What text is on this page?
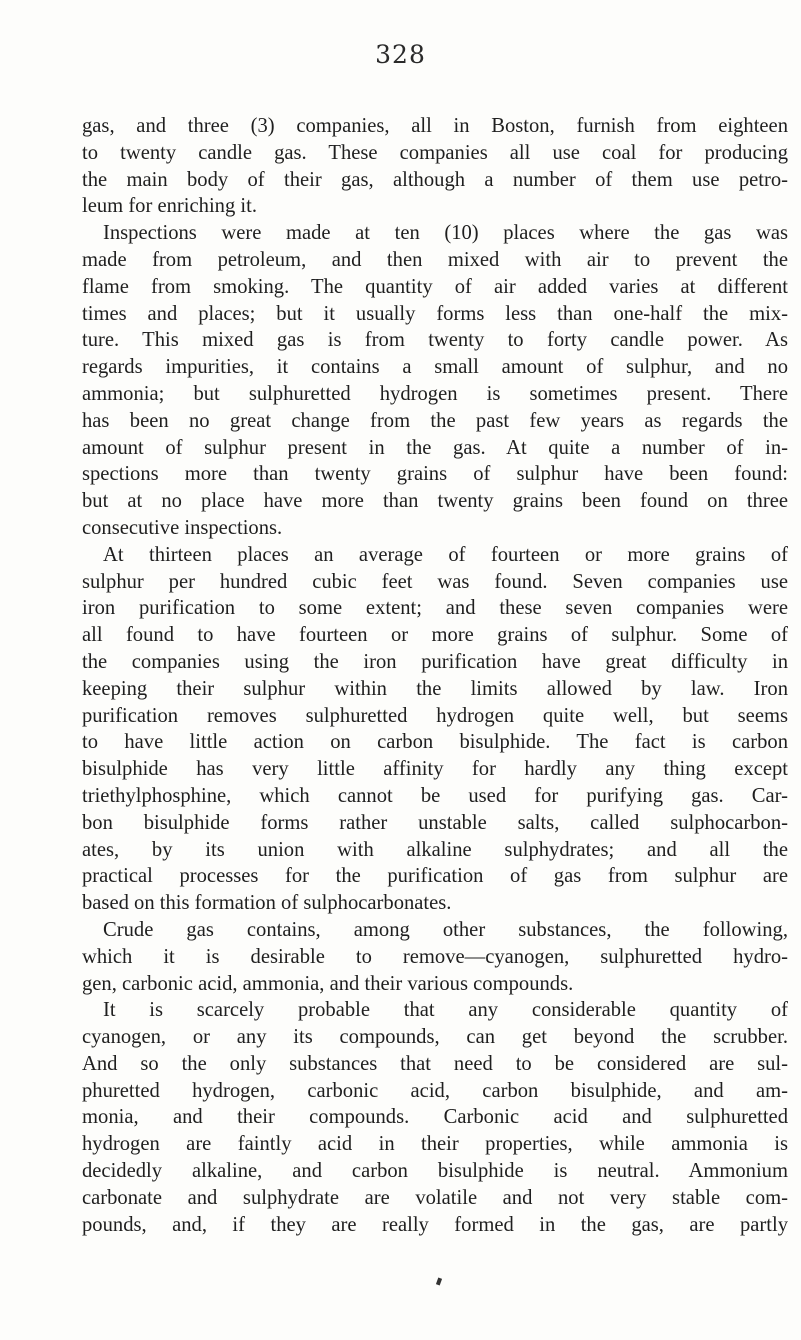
328
gas, and three (3) companies, all in Boston, furnish from eighteen
to twenty candle gas. These companies all use coal for producing
the main body of their gas, although a number of them use petro-
leum for enriching it.
Inspections were made at ten (10) places where the gas was
made from petroleum, and then mixed with air to prevent the
flame from smoking. The quantity of air added varies at different
times and places; but it usually forms less than one-half the mix-
ture. This mixed gas is from twenty to forty candle power. As
regards impurities, it contains a small amount of sulphur, and no
ammonia; but sulphuretted hydrogen is sometimes present. There
has been no great change from the past few years as regards the
amount of sulphur present in the gas. At quite a number of in-
spections more than twenty grains of sulphur have been found:
but at no place have more than twenty grains been found on three
consecutive inspections.
At thirteen places an average of fourteen or more grains of
sulphur per hundred cubic feet was found. Seven companies use
iron purification to some extent; and these seven companies were
all found to have fourteen or more grains of sulphur. Some of
the companies using the iron purification have great difficulty in
keeping their sulphur within the limits allowed by law. Iron
purification removes sulphuretted hydrogen quite well, but seems
to have little action on carbon bisulphide. The fact is carbon
bisulphide has very little affinity for hardly any thing except
triethylphosphine, which cannot be used for purifying gas. Car-
bon bisulphide forms rather unstable salts, called sulphocarbon-
ates, by its union with alkaline sulphydrates; and all the
practical processes for the purification of gas from sulphur are
based on this formation of sulphocarbonates.
Crude gas contains, among other substances, the following,
which it is desirable to remove—cyanogen, sulphuretted hydro-
gen, carbonic acid, ammonia, and their various compounds.
It is scarcely probable that any considerable quantity of
cyanogen, or any its compounds, can get beyond the scrubber.
And so the only substances that need to be considered are sul-
phuretted hydrogen, carbonic acid, carbon bisulphide, and am-
monia, and their compounds. Carbonic acid and sulphuretted
hydrogen are faintly acid in their properties, while ammonia is
decidedly alkaline, and carbon bisulphide is neutral. Ammonium
carbonate and sulphydrate are volatile and not very stable com-
pounds, and, if they are really formed in the gas, are partly
